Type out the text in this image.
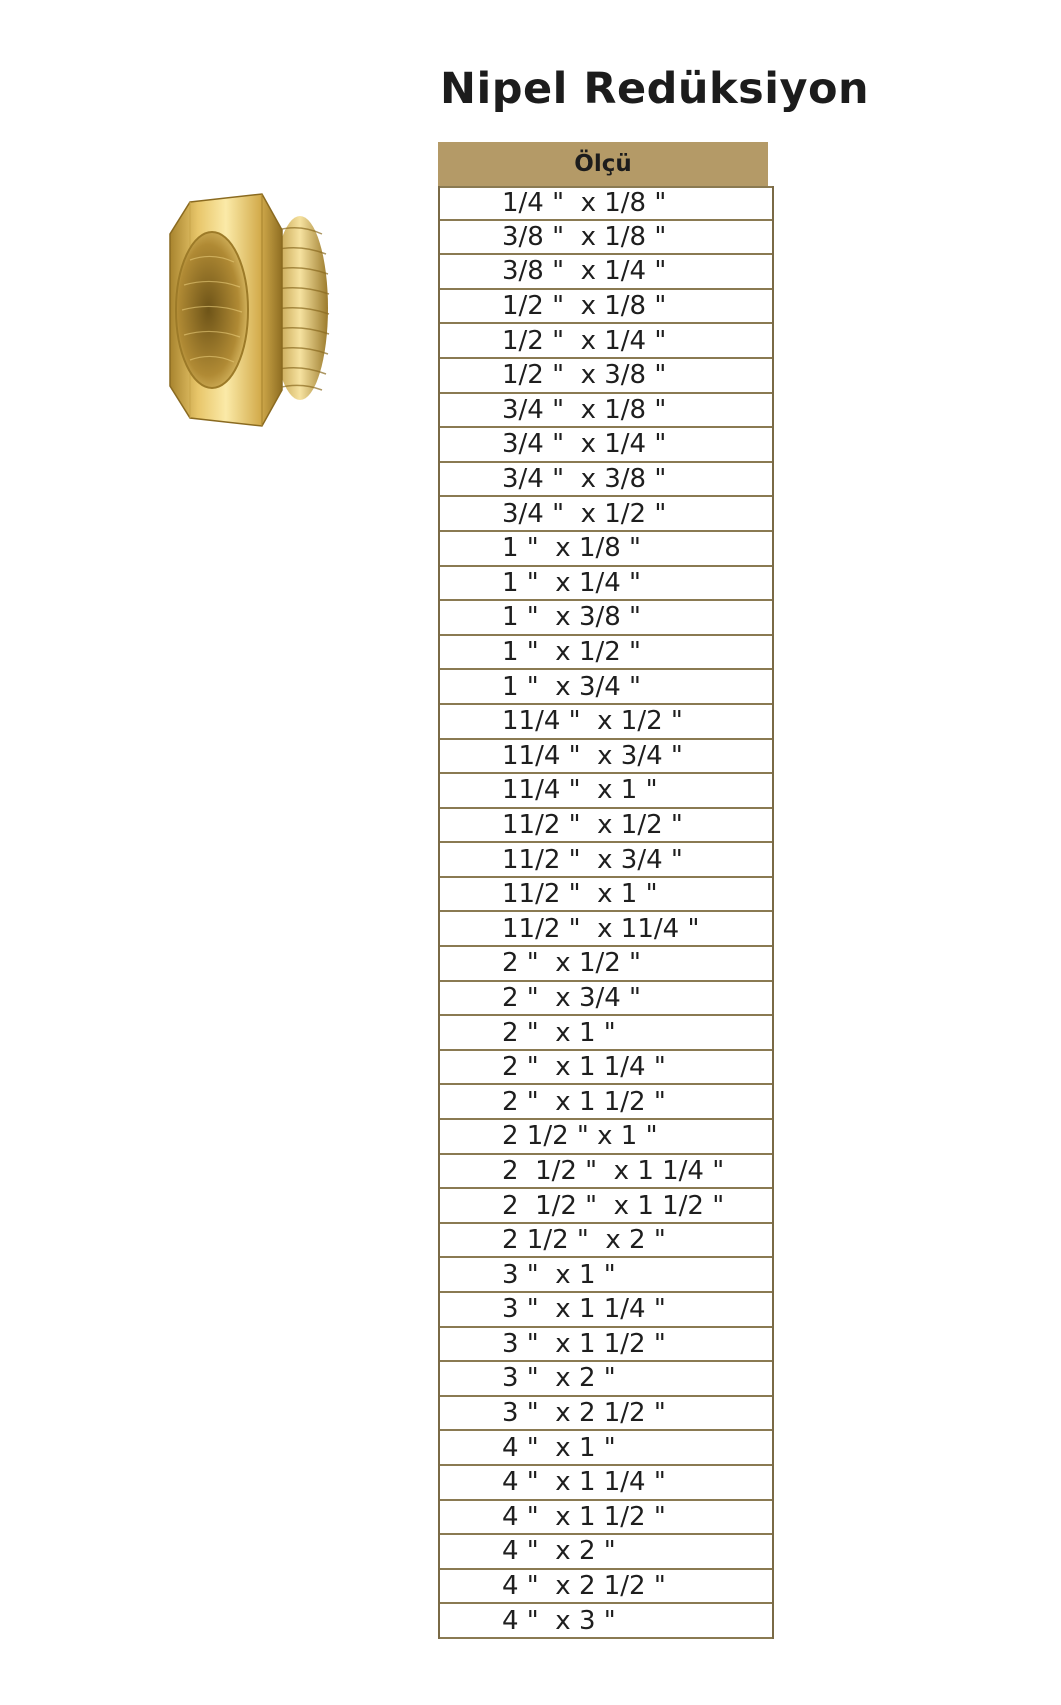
Nipel Redüksiyon
Ölçü
1/4 "  x 1/8 "
3/8 "  x 1/8 "
3/8 "  x 1/4 "
1/2 "  x 1/8 "
1/2 "  x 1/4 "
1/2 "  x 3/8 "
3/4 "  x 1/8 "
3/4 "  x 1/4 "
3/4 "  x 3/8 "
3/4 "  x 1/2 "
1 "  x 1/8 "
1 "  x 1/4 "
1 "  x 3/8 "
1 "  x 1/2 "
1 "  x 3/4 "
11/4 "  x 1/2 "
11/4 "  x 3/4 "
11/4 "  x 1 "
11/2 "  x 1/2 "
11/2 "  x 3/4 "
11/2 "  x 1 "
11/2 "  x 11/4 "
2 "  x 1/2 "
2 "  x 3/4 "
2 "  x 1 "
2 "  x 1 1/4 "
2 "  x 1 1/2 "
2 1/2 " x 1 "
2  1/2 "  x 1 1/4 "
2  1/2 "  x 1 1/2 "
2 1/2 "  x 2 "
3 "  x 1 "
3 "  x 1 1/4 "
3 "  x 1 1/2 "
3 "  x 2 "
3 "  x 2 1/2 "
4 "  x 1 "
4 "  x 1 1/4 "
4 "  x 1 1/2 "
4 "  x 2 "
4 "  x 2 1/2 "
4 "  x 3 "
